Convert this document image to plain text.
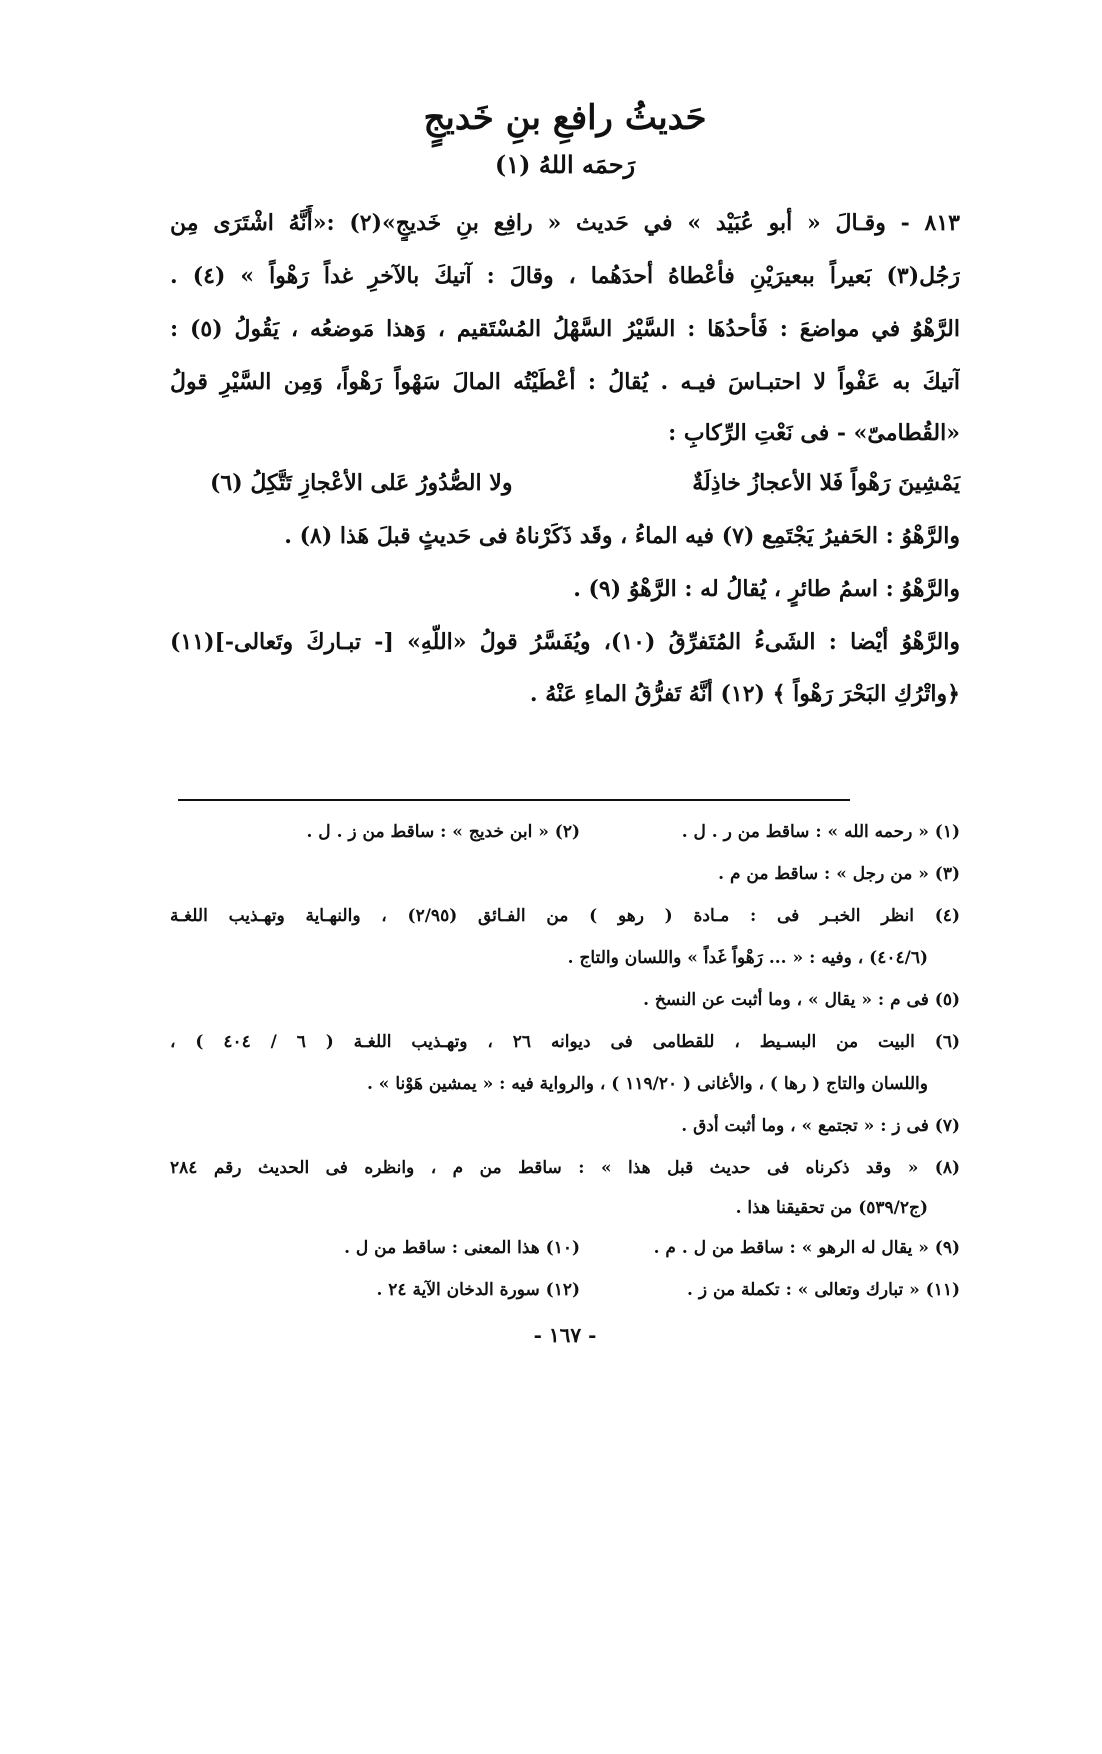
حَديثُ رافعِ بنِ خَديجٍ
رَحمَه اللهُ (١)
٨١٣ - وقـالَ « أبو عُبَيْد » في حَديث « رافِع بنِ خَديجٍ»(٢) :«أَنَّهُ اشْتَرَى مِن
رَجُل(٣) بَعيراً ببعيرَيْنِ فأعْطاهُ أحدَهُما ، وقالَ : آتيكَ بالآخرِ غداً رَهْواً » (٤) .
الرَّهْوُ في مواضعَ : فَأحدُهَا : السَّيْرُ السَّهْلُ المُسْتَقيم ، وَهذا مَوضعُه ، يَقُولُ (٥) :
آتيكَ به عَفْواً لا احتبـاسَ فيـه . يُقالُ : أعْطَيْتُه المالَ سَهْواً رَهْواً، وَمِن السَّيْرِ قولُ
«القُطامىّ» - فى نَعْتِ الرِّكابِ :
يَمْشِينَ رَهْواً فَلا الأعجازُ خاذِلَةٌ
ولا الصُّدُورُ عَلى الأعْجازِ تَتَّكِلُ (٦)
والرَّهْوُ : الحَفيرُ يَجْتَمِع (٧) فيه الماءُ ، وقَد ذَكَرْناهُ فى حَديثٍ قبلَ هَذا (٨) .
والرَّهْوُ : اسمُ طائرٍ ، يُقالُ له : الرَّهْوُ (٩) .
والرَّهْوُ أيْضا : الشَىءُ المُتَفرِّقُ (١٠)، ويُفَسَّرُ قولُ «اللّهِ» [- تبـاركَ وتَعالى-](١١)
﴿واتْرُكِ البَحْرَ رَهْواً ﴾ (١٢) أنَّهُ تَفرُّقُ الماءِ عَنْهُ .
(١) « رحمه الله » : ساقط من ر . ل .
(٢) « ابن خديج » : ساقط من ز . ل .
(٣) « من رجل » : ساقط من م .
(٤) انظر الخبـر فى : مـادة ( رهو ) من الفـائق (٢/٩٥) ، والنهـاية وتهـذيب اللغـة
(٤٠٤/٦) ، وفيه : « ... رَهْواً غَداً » واللسان والتاج .
(٥) فى م : « يقال » ، وما أثبت عن النسخ .
(٦) البيت من البسـيط ، للقطامى فى ديوانه ٢٦ ، وتهـذيب اللغـة ( ٦ / ٤٠٤ ) ،
واللسان والتاج ( رها ) ، والأغانى ( ١١٩/٢٠ ) ، والرواية فيه : « يمشين هَوْنا » .
(٧) فى ز : « تجتمع » ، وما أثبت أدق .
(٨) « وقد ذكرناه فى حديث قبل هذا » : ساقط من م ، وانظره فى الحديث رقم ٢٨٤
(ج٥٣٩/٢) من تحقيقنا هذا .
(٩) « يقال له الرهو » : ساقط من ل . م .
(١٠) هذا المعنى : ساقط من ل .
(١١) « تبارك وتعالى » : تكملة من ز .
(١٢) سورة الدخان الآية ٢٤ .
- ١٦٧ -
